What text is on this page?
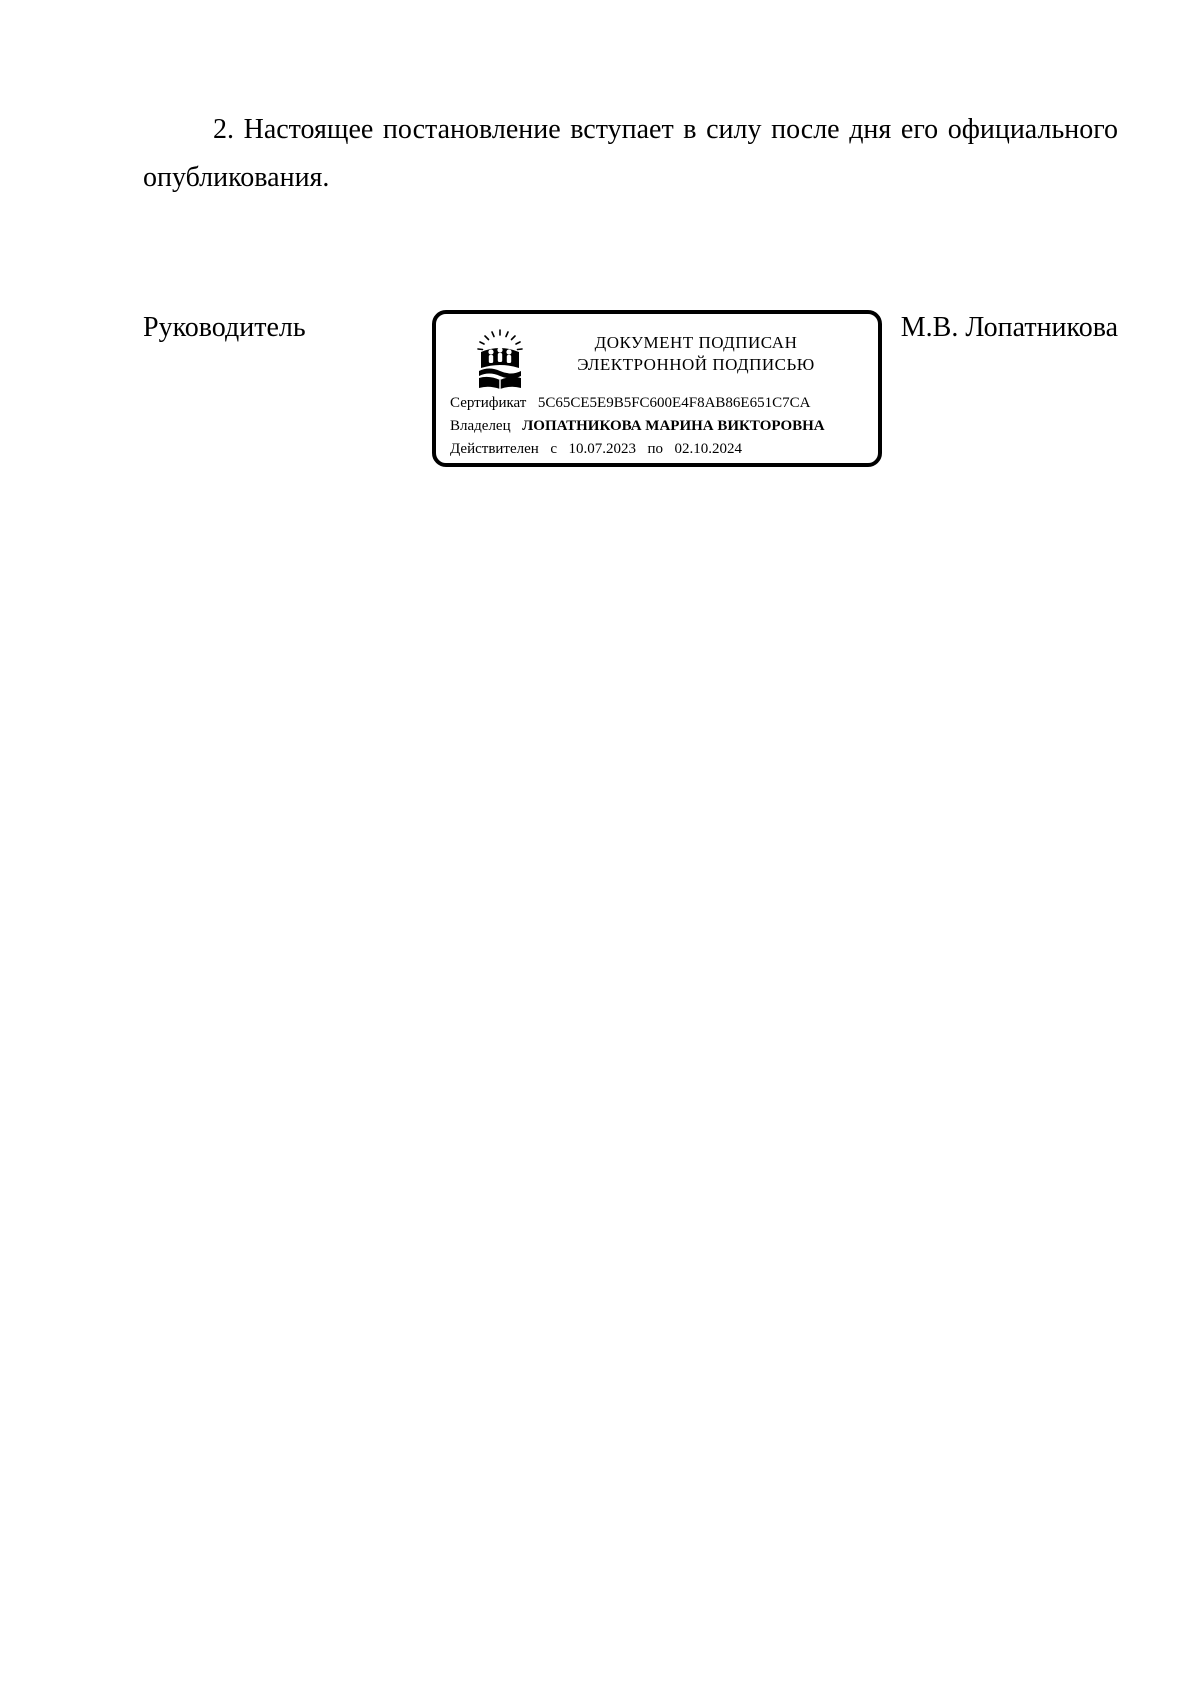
2. Настоящее постановление вступает в силу после дня его официального опубликования.

Руководитель	ДОКУМЕНТ ПОДПИСАН
ЭЛЕКТРОННОЙ ПОДПИСЬЮ
Сертификат 5C65CE5E9B5FC600E4F8AB86E651C7CA
Владелец ЛОПАТНИКОВА МАРИНА ВИКТОРОВНА
Действителен с 10.07.2023 по 02.10.2024
М.В. Лопатникова
